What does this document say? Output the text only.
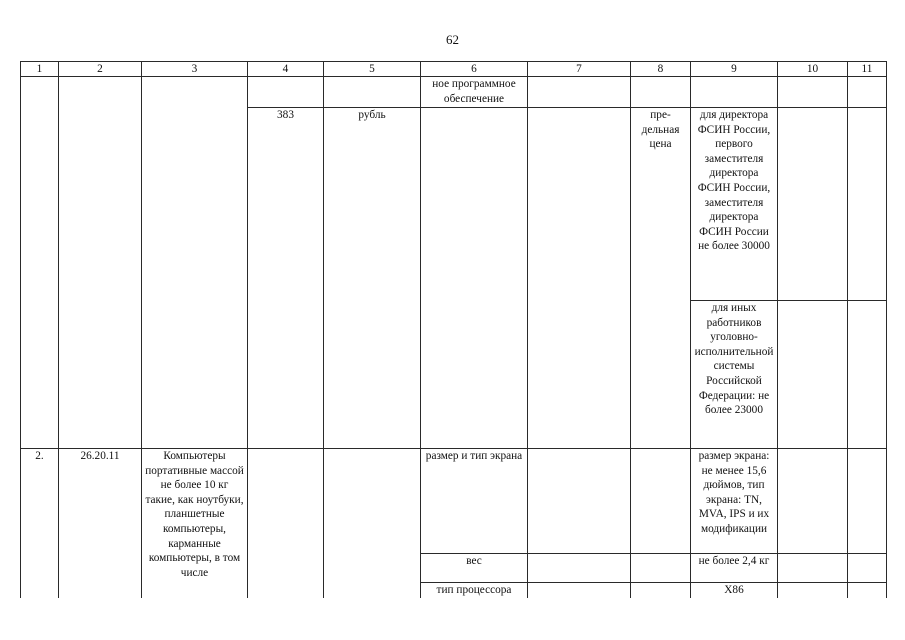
62
1	2	3	4	5	6	7	8	9	10	11
					ное программное обеспечение					
			383	рубль			пре-дельная цена	для директора ФСИН России, первого заместителя директора ФСИН России, заместителя директора ФСИН России не более 30000		
								для иных работников уголовно-исполнительной системы Российской Федерации: не более 23000		
2.	26.20.11	Компьютеры портативные массой не более 10 кг такие, как ноутбуки, планшетные компьютеры, карманные компьютеры, в том числе			размер и тип экрана			размер экрана: не менее 15,6 дюймов, тип экрана: TN, MVA, IPS и их модификации		
					вес			не более 2,4 кг		
					тип процессора			X86		
